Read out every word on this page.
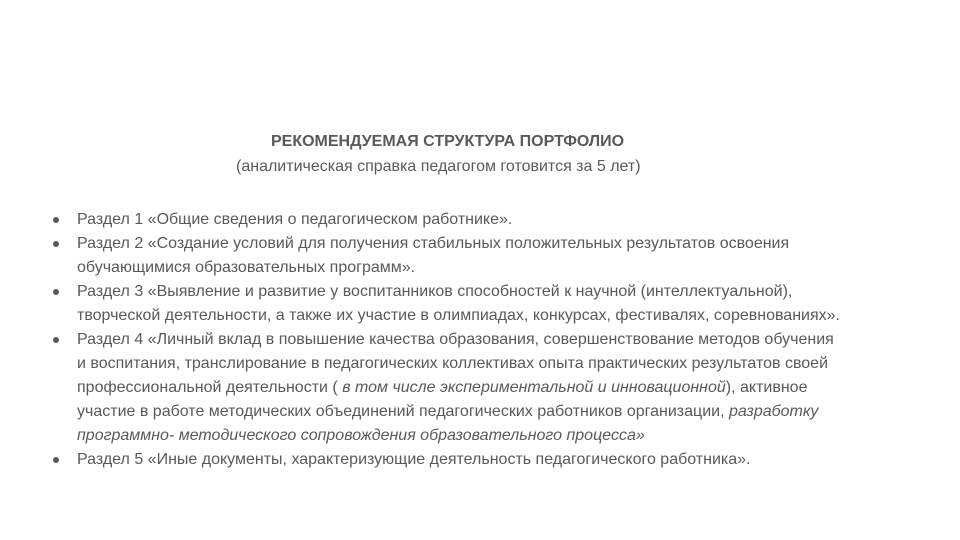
РЕКОМЕНДУЕМАЯ СТРУКТУРА ПОРТФОЛИО
(аналитическая справка педагогом готовится за 5 лет)
Раздел 1 «Общие сведения о педагогическом работнике».
Раздел 2 «Создание условий для получения стабильных положительных результатов освоения
обучающимися образовательных программ».
Раздел 3 «Выявление и развитие у воспитанников способностей к научной (интеллектуальной),
творческой деятельности, а также их участие в олимпиадах, конкурсах, фестивалях, соревнованиях».
Раздел 4 «Личный вклад в повышение качества образования, совершенствование методов обучения
и воспитания, транслирование в педагогических коллективах опыта практических результатов своей
профессиональной деятельности ( в том числе экспериментальной и инновационной), активное
участие в работе методических объединений педагогических работников организации, разработку
программно- методического сопровождения образовательного процесса»
Раздел 5 «Иные документы, характеризующие деятельность педагогического работника».
